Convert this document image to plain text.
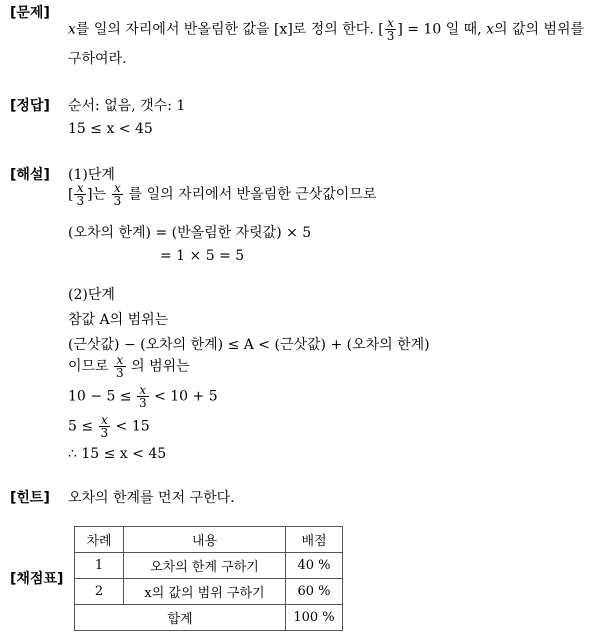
[문제]
[정답]
[해설]
[힌트]
[채점표]
x를 일의 자리에서 반올림한 값을 [x]로 정의 한다. [ $\frac{x}{3}$ ] = 10 일 때, x의 값의 범위를
구하여라.
순서: 없음, 갯수: 1
15 ≤ x < 45
(1)단계
[ $\frac{x}{3}$ ]는 $\frac{x}{3}$ 를 일의 자리에서 반올림한 근삿값이므로
(오차의 한계) = (반올림한 자릿값) × 5
= 1 × 5 = 5
(2)단계
참값 A의 범위는
(근삿값) − (오차의 한계) ≤ A < (근삿값) + (오차의 한계)
이므로 $\frac{x}{3}$ 의 범위는
$10 - 5 \le \frac{x}{3} < 10 + 5$
$5 \le \frac{x}{3} < 15$
∴ 15 ≤ x < 45
오차의 한계를 먼저 구한다.
차례	내용	배점
1	오차의 한계 구하기	40 %
2	x의 값의 범위 구하기	60 %
합계		100 %
